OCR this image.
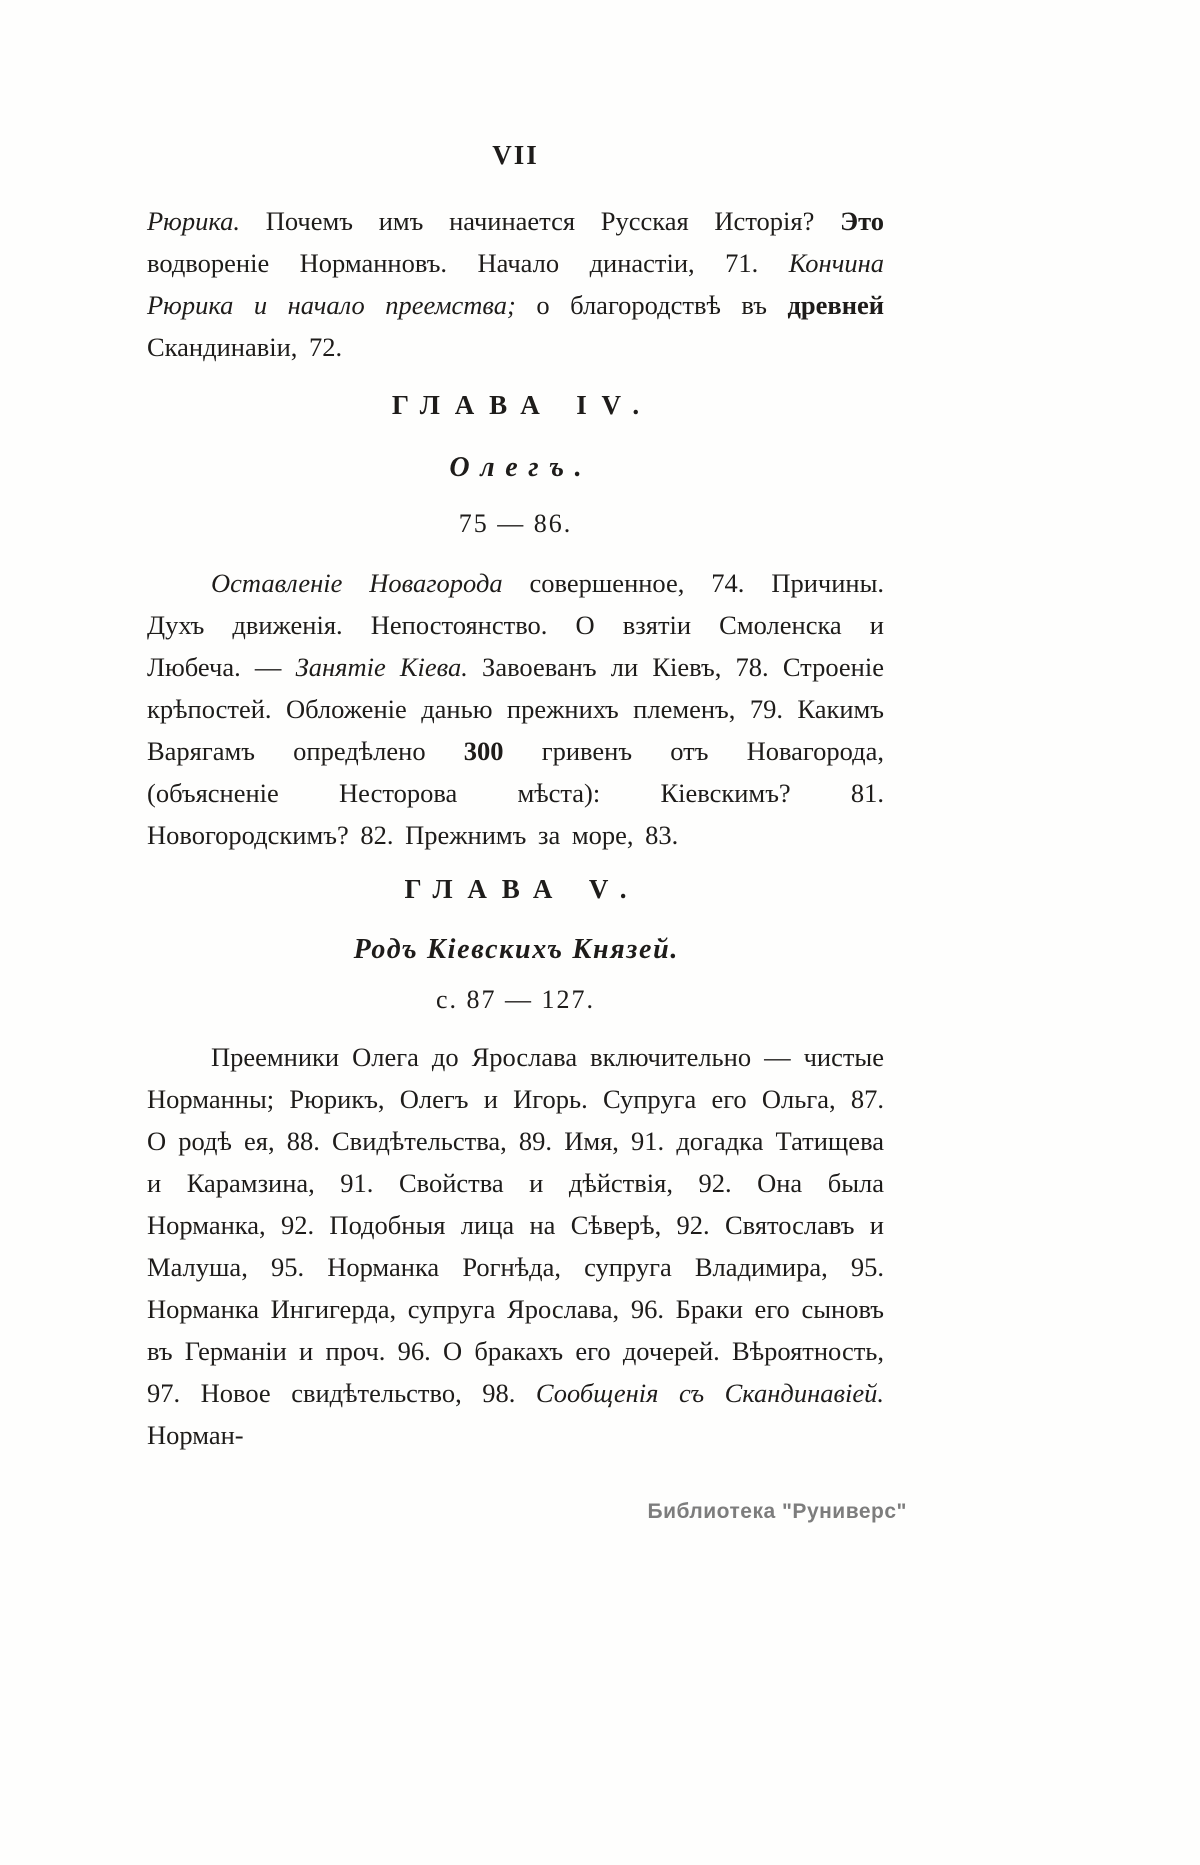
VII

Рюрика. Почемъ имъ начинается Русская Исторія? Это водвореніе Норманновъ. Начало династіи, 71. Кончина Рюрика и начало преемства; о благородствѣ въ древней Скандинавіи, 72.

ГЛАВА IV.
Олегъ.
75 — 86.

Оставленіе Новагорода совершенное, 74. Причины. Духъ движенія. Непостоянство. О взятіи Смоленска и Любеча. — Занятіе Кіева. Завоеванъ ли Кіевъ, 78. Строеніе крѣпостей. Обложеніе данью прежнихъ племенъ, 79. Какимъ Варягамъ опредѣлено 300 гривенъ отъ Новагорода, (объясненіе Несторова мѣста): Кіевскимъ? 81. Новогородскимъ? 82. Прежнимъ за море, 83.

ГЛАВА V.
Родъ Кіевскихъ Князей.
с. 87 — 127.

Преемники Олега до Ярослава включительно — чистые Норманны; Рюрикъ, Олегъ и Игорь. Супруга его Ольга, 87. О родѣ ея, 88. Свидѣтельства, 89. Имя, 91. догадка Татищева и Карамзина, 91. Свойства и дѣйствія, 92. Она была Норманка, 92. Подобныя лица на Сѣверѣ, 92. Святославъ и Малуша, 95. Норманка Рогнѣда, супруга Владимира, 95. Норманка Ингигерда, супруга Ярослава, 96. Браки его сыновъ въ Германіи и проч. 96. О бракахъ его дочерей. Вѣроятность, 97. Новое свидѣтельство, 98. Сообщенія съ Скандинавіей. Норман-

Библиотека "Руниверс"
